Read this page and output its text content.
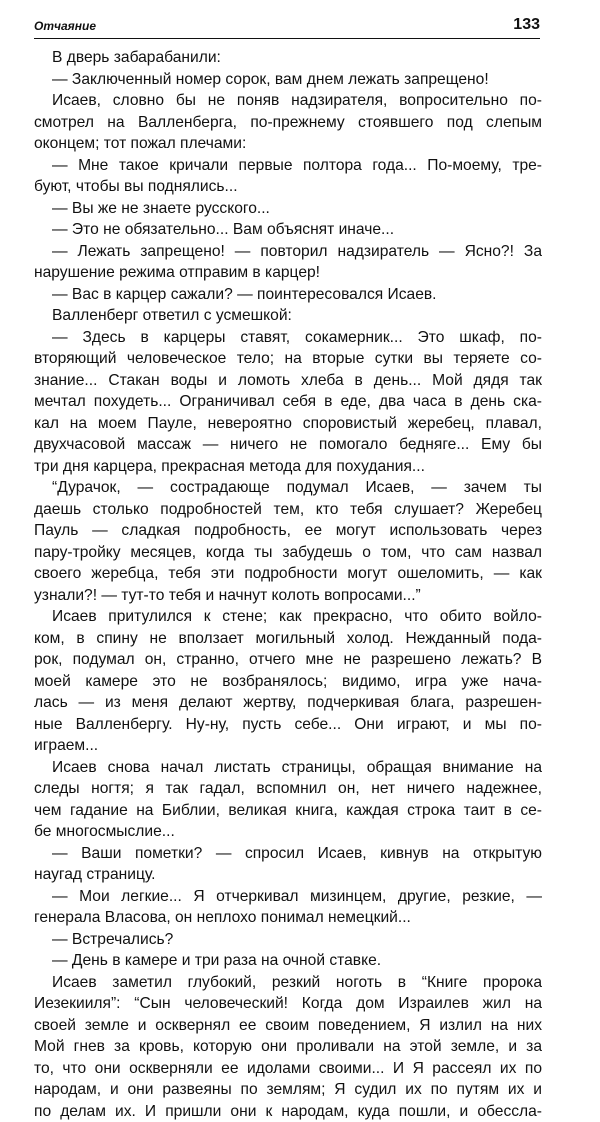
Отчаяние	133
В дверь забарабанили:
— Заключенный номер сорок, вам днем лежать запрещено!
Исаев, словно бы не поняв надзирателя, вопросительно по-
смотрел на Валленберга, по-прежнему стоявшего под слепым
оконцем; тот пожал плечами:
— Мне такое кричали первые полтора года... По-моему, тре-
буют, чтобы вы поднялись...
— Вы же не знаете русского...
— Это не обязательно... Вам объяснят иначе...
— Лежать запрещено! — повторил надзиратель — Ясно?! За
нарушение режима отправим в карцер!
— Вас в карцер сажали? — поинтересовался Исаев.
Валленберг ответил с усмешкой:
— Здесь в карцеры ставят, сокамерник... Это шкаф, по-
вторяющий человеческое тело; на вторые сутки вы теряете со-
знание... Стакан воды и ломоть хлеба в день... Мой дядя так
мечтал похудеть... Ограничивал себя в еде, два часа в день ска-
кал на моем Пауле, невероятно споровистый жеребец, плавал,
двухчасовой массаж — ничего не помогало бедняге... Ему бы
три дня карцера, прекрасная метода для похудания...
“Дурачок, — сострадающе подумал Исаев, — зачем ты
даешь столько подробностей тем, кто тебя слушает? Жеребец
Пауль — сладкая подробность, ее могут использовать через
пару-тройку месяцев, когда ты забудешь о том, что сам назвал
своего жеребца, тебя эти подробности могут ошеломить, — как
узнали?! — тут-то тебя и начнут колоть вопросами...”
Исаев притулился к стене; как прекрасно, что обито войло-
ком, в спину не вползает могильный холод. Нежданный пода-
рок, подумал он, странно, отчего мне не разрешено лежать? В
моей камере это не возбранялось; видимо, игра уже нача-
лась — из меня делают жертву, подчеркивая блага, разрешен-
ные Валленбергу. Ну-ну, пусть себе... Они играют, и мы по-
играем...
Исаев снова начал листать страницы, обращая внимание на
следы ногтя; я так гадал, вспомнил он, нет ничего надежнее,
чем гадание на Библии, великая книга, каждая строка таит в се-
бе многосмыслие...
— Ваши пометки? — спросил Исаев, кивнув на открытую
наугад страницу.
— Мои легкие... Я отчеркивал мизинцем, другие, резкие, —
генерала Власова, он неплохо понимал немецкий...
— Встречались?
— День в камере и три раза на очной ставке.
Исаев заметил глубокий, резкий ноготь в “Книге пророка
Иезекииля”: “Сын человеческий! Когда дом Израилев жил на
своей земле и осквернял ее своим поведением, Я излил на них
Мой гнев за кровь, которую они проливали на этой земле, и за
то, что они оскверняли ее идолами своими... И Я рассеял их по
народам, и они развеяны по землям; Я судил их по путям их и
по делам их. И пришли они к народам, куда пошли, и обесслa-
